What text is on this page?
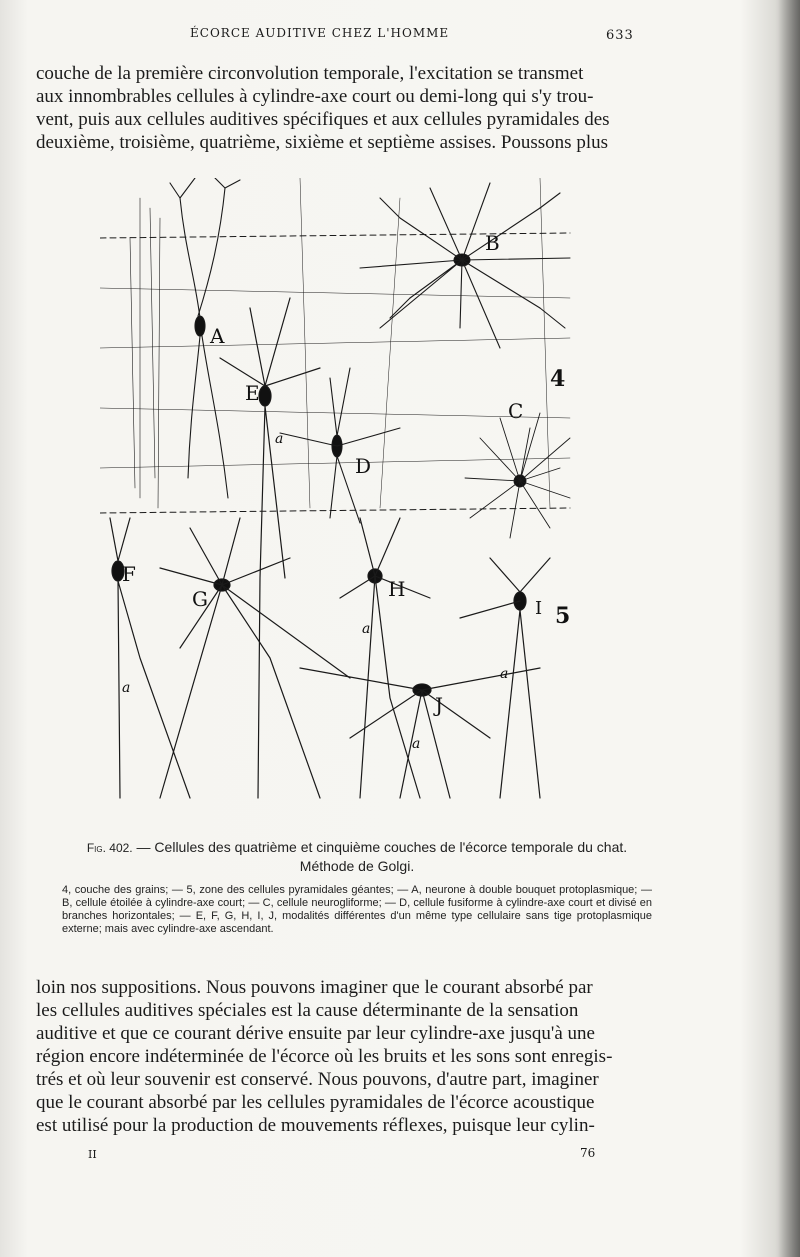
ÉCORCE AUDITIVE CHEZ L'HOMME	633
couche de la première circonvolution temporale, l'excitation se transmet
aux innombrables cellules à cylindre-axe court ou demi-long qui s'y trou-
vent, puis aux cellules auditives spécifiques et aux cellules pyramidales des
deuxième, troisième, quatrième, sixième et septième assises. Poussons plus
A
B
C
D
E
F
G	H
I
J
a
a
a
a
a
4
5
Fig. 402. — Cellules des quatrième et cinquième couches de l'écorce temporale du chat. Méthode de Golgi.
4, couche des grains; — 5, zone des cellules pyramidales géantes; — A, neurone à double bouquet protoplasmique; — B, cellule étoilée à cylindre-axe court; — C, cellule neurogliforme; — D, cellule fusiforme à cylindre-axe court et divisé en branches horizontales; — E, F, G, H, I, J, modalités différentes d'un même type cellulaire sans tige protoplasmique externe; mais avec cylindre-axe ascendant.
loin nos suppositions. Nous pouvons imaginer que le courant absorbé par
les cellules auditives spéciales est la cause déterminante de la sensation
auditive et que ce courant dérive ensuite par leur cylindre-axe jusqu'à une
région encore indéterminée de l'écorce où les bruits et les sons sont enregis-
trés et où leur souvenir est conservé. Nous pouvons, d'autre part, imaginer
que le courant absorbé par les cellules pyramidales de l'écorce acoustique
est utilisé pour la production de mouvements réflexes, puisque leur cylin-
II	76
